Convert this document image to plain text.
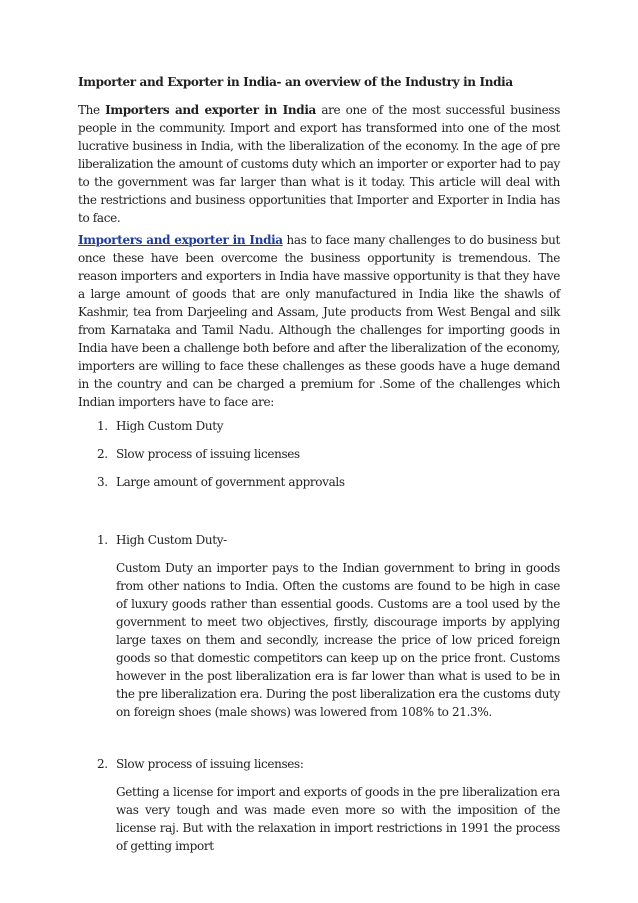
Importer and Exporter in India- an overview of the Industry in India

The Importers and exporter in India are one of the most successful business people in the community. Import and export has transformed into one of the most lucrative business in India, with the liberalization of the economy. In the age of pre liberalization the amount of customs duty which an importer or exporter had to pay to the government was far larger than what is it today. This article will deal with the restrictions and business opportunities that Importer and Exporter in India has to face.

Importers and exporter in India has to face many challenges to do business but once these have been overcome the business opportunity is tremendous. The reason importers and exporters in India have massive opportunity is that they have a large amount of goods that are only manufactured in India like the shawls of Kashmir, tea from Darjeeling and Assam, Jute products from West Bengal and silk from Karnataka and Tamil Nadu. Although the challenges for importing goods in India have been a challenge both before and after the liberalization of the economy, importers are willing to face these challenges as these goods have a huge demand in the country and can be charged a premium for .Some of the challenges which Indian importers have to face are:

1. High Custom Duty
2. Slow process of issuing licenses
3. Large amount of government approvals
1. High Custom Duty-

Custom Duty an importer pays to the Indian government to bring in goods from other nations to India. Often the customs are found to be high in case of luxury goods rather than essential goods. Customs are a tool used by the government to meet two objectives, firstly, discourage imports by applying large taxes on them and secondly, increase the price of low priced foreign goods so that domestic competitors can keep up on the price front. Customs however in the post liberalization era is far lower than what is used to be in the pre liberalization era. During the post liberalization era the customs duty on foreign shoes (male shows) was lowered from 108% to 21.3%.

2. Slow process of issuing licenses:

Getting a license for import and exports of goods in the pre liberalization era was very tough and was made even more so with the imposition of the license raj. But with the relaxation in import restrictions in 1991 the process of getting import
